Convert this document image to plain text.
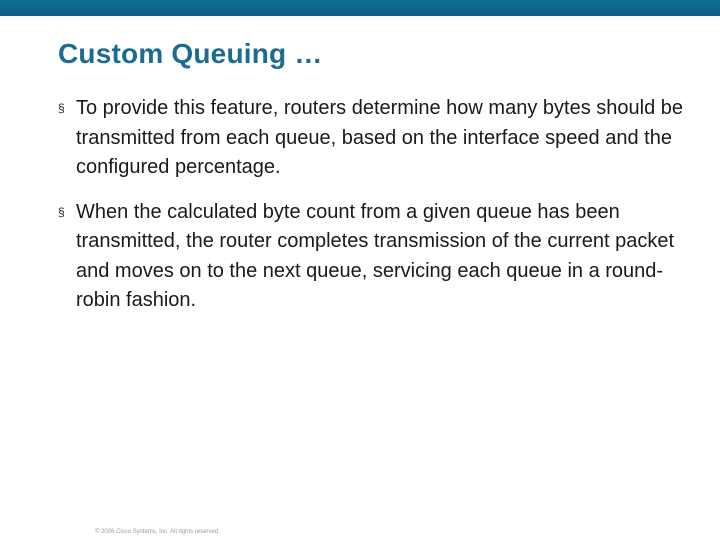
Custom Queuing …
§ To provide this feature, routers determine how many bytes should be transmitted from each queue, based on the interface speed and the configured percentage.
§ When the calculated byte count from a given queue has been transmitted, the router completes transmission of the current packet and moves on to the next queue, servicing each queue in a round-robin fashion.
© 2006 Cisco Systems, Inc. All rights reserved.
